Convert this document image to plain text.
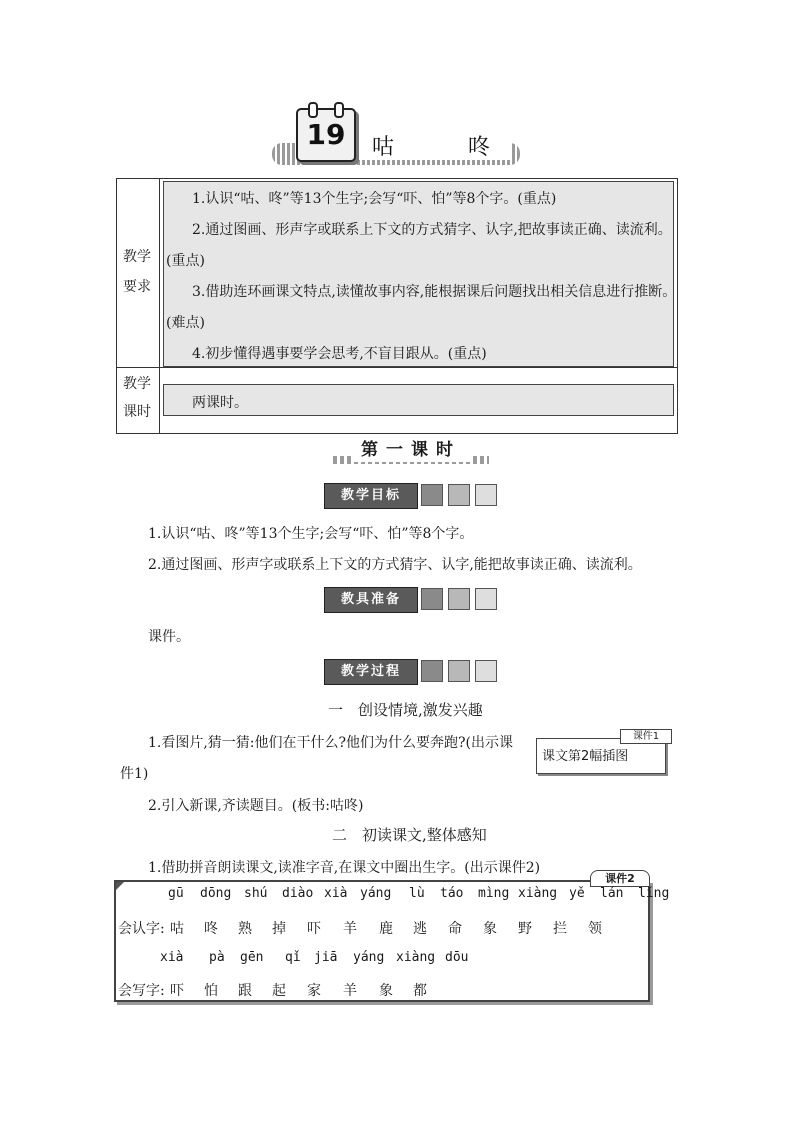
19	咕	咚
教学
要求
教学
课时
1.认识“咕、咚”等13个生字;会写“吓、怕”等8个字。(重点)
2.通过图画、形声字或联系上下文的方式猜字、认字,把故事读正确、读流利。
(重点)
3.借助连环画课文特点,读懂故事内容,能根据课后问题找出相关信息进行推断。
(难点)
4.初步懂得遇事要学会思考,不盲目跟从。(重点)
两课时。
第一课时
教学目标
1.认识“咕、咚”等13个生字;会写“吓、怕”等8个字。
2.通过图画、形声字或联系上下文的方式猜字、认字,能把故事读正确、读流利。
教具准备
课件。
教学过程
一　创设情境,激发兴趣
1.看图片,猜一猜:他们在干什么?他们为什么要奔跑?(出示课
件1)
2.引入新课,齐读题目。(板书:咕咚)
课件1
课文第2幅插图
二　初读课文,整体感知
1.借助拼音朗读课文,读准字音,在课文中圈出生字。(出示课件2)
课件2
会认字:
会写字:
gū dōng shú diào xià yáng lù táo mìng xiàng yě lán lǐng
咕 咚 熟 掉 吓 羊 鹿 逃 命 象 野 拦 领
xià pà gēn qǐ jiā yáng xiàng dōu
吓 怕 跟 起 家 羊 象 都
